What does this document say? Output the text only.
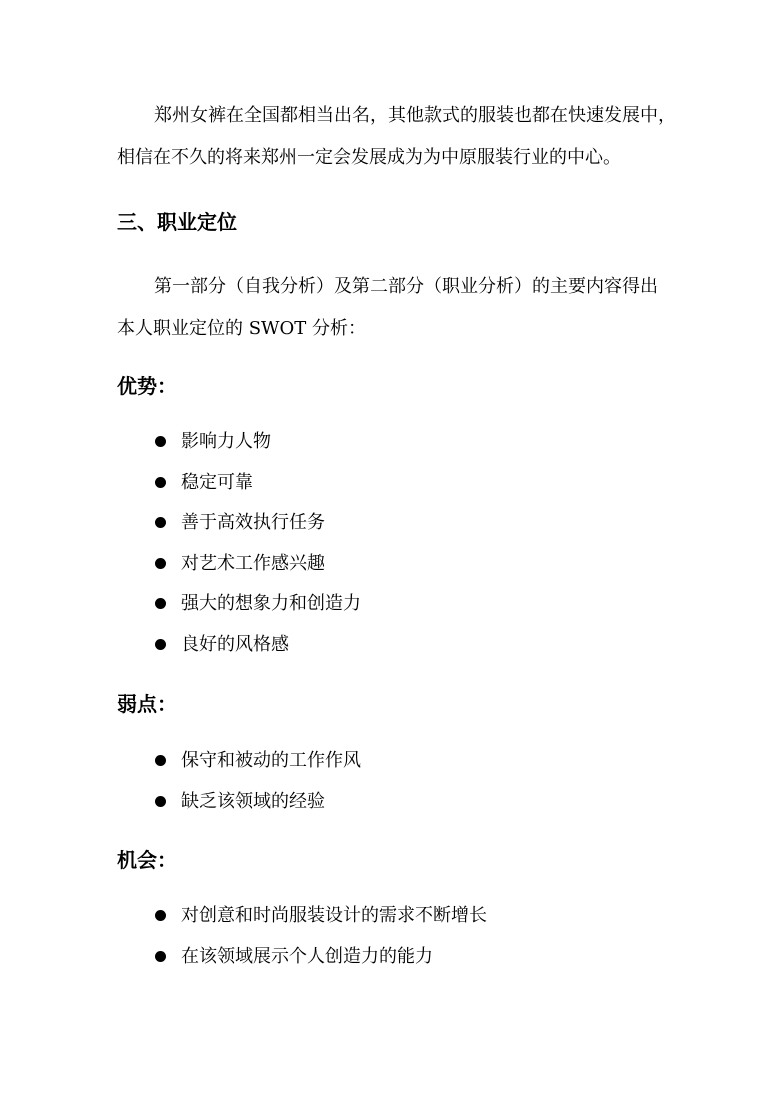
郑州女裤在全国都相当出名，其他款式的服装也都在快速发展中，
相信在不久的将来郑州一定会发展成为为中原服装行业的中心。

三、职业定位

第一部分（自我分析）及第二部分（职业分析）的主要内容得出
本人职业定位的 SWOT 分析：

优势：
影响力人物
稳定可靠
善于高效执行任务
对艺术工作感兴趣
强大的想象力和创造力
良好的风格感
弱点：
保守和被动的工作作风
缺乏该领域的经验
机会：
对创意和时尚服装设计的需求不断增长
在该领域展示个人创造力的能力
